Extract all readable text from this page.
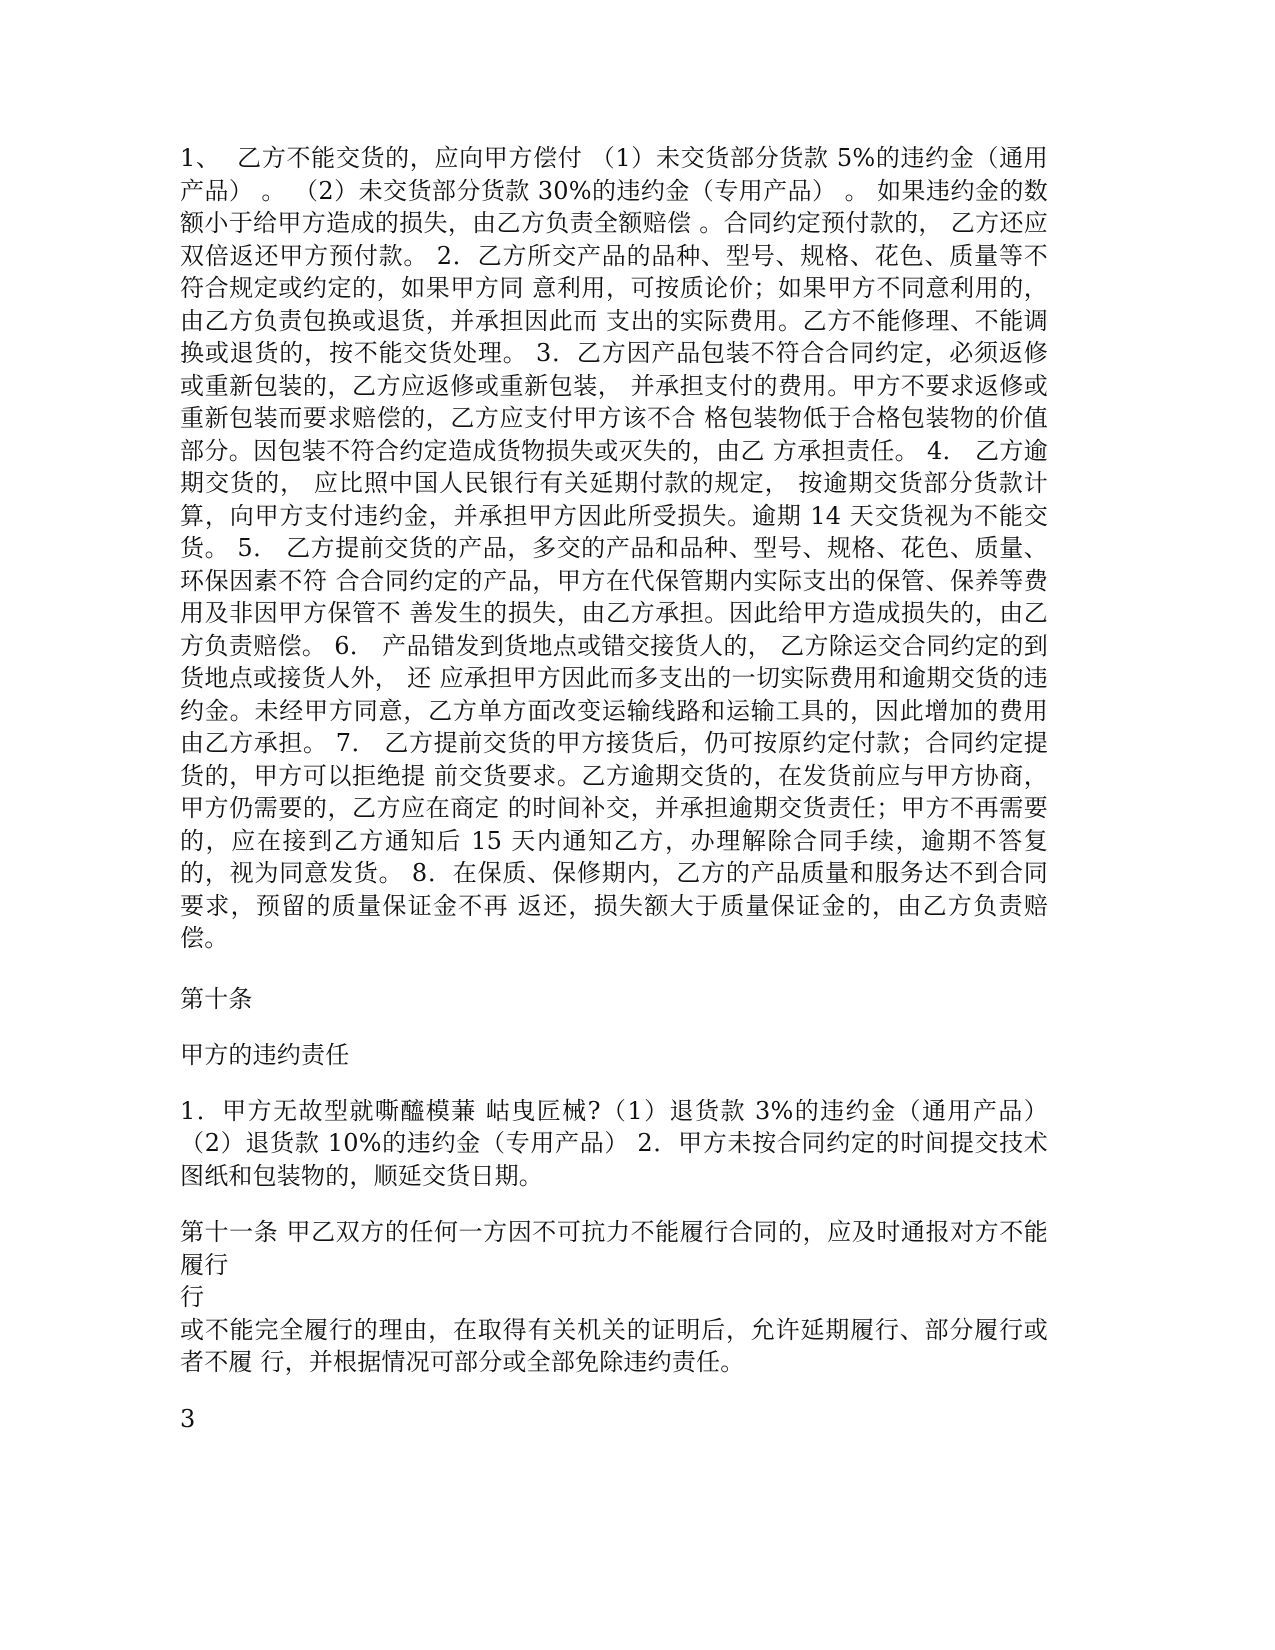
1、  乙方不能交货的，应向甲方偿付 （1）未交货部分货款 5%的违约金（通用产品） 。 （2）未交货部分货款 30%的违约金（专用产品） 。 如果违约金的数额小于给甲方造成的损失，由乙方负责全额赔偿 。合同约定预付款的， 乙方还应双倍返还甲方预付款。 2．乙方所交产品的品种、型号、规格、花色、质量等不符合规定或约定的，如果甲方同 意利用，可按质论价；如果甲方不同意利用的，由乙方负责包换或退货，并承担因此而 支出的实际费用。乙方不能修理、不能调换或退货的，按不能交货处理。 3．乙方因产品包装不符合合同约定，必须返修或重新包装的，乙方应返修或重新包装， 并承担支付的费用。甲方不要求返修或重新包装而要求赔偿的，乙方应支付甲方该不合 格包装物低于合格包装物的价值部分。因包装不符合约定造成货物损失或灭失的，由乙 方承担责任。 4． 乙方逾期交货的， 应比照中国人民银行有关延期付款的规定， 按逾期交货部分货款计 算，向甲方支付违约金，并承担甲方因此所受损失。逾期 14 天交货视为不能交货。 5． 乙方提前交货的产品，多交的产品和品种、型号、规格、花色、质量、环保因素不符 合合同约定的产品，甲方在代保管期内实际支出的保管、保养等费用及非因甲方保管不 善发生的损失，由乙方承担。因此给甲方造成损失的，由乙方负责赔偿。 6． 产品错发到货地点或错交接货人的， 乙方除运交合同约定的到货地点或接货人外， 还 应承担甲方因此而多支出的一切实际费用和逾期交货的违约金。未经甲方同意，乙方单方面改变运输线路和运输工具的，因此增加的费用由乙方承担。 7． 乙方提前交货的甲方接货后，仍可按原约定付款；合同约定提货的，甲方可以拒绝提 前交货要求。乙方逾期交货的，在发货前应与甲方协商，甲方仍需要的，乙方应在商定 的时间补交，并承担逾期交货责任；甲方不再需要的，应在接到乙方通知后 15 天内通知乙方，办理解除合同手续，逾期不答复的，视为同意发货。 8．在保质、保修期内，乙方的产品质量和服务达不到合同要求，预留的质量保证金不再 返还，损失额大于质量保证金的，由乙方负责赔偿。

第十条

甲方的违约责任

1．甲方无故型就嘶醯模蒹 岵曳匠械?（1）退货款 3%的违约金（通用产品） （2）退货款 10%的违约金（专用产品） 2．甲方未按合同约定的时间提交技术图纸和包装物的，顺延交货日期。

第十一条 甲乙双方的任何一方因不可抗力不能履行合同的，应及时通报对方不能履行

行

或不能完全履行的理由，在取得有关机关的证明后，允许延期履行、部分履行或者不履 行，并根据情况可部分或全部免除违约责任。

3
